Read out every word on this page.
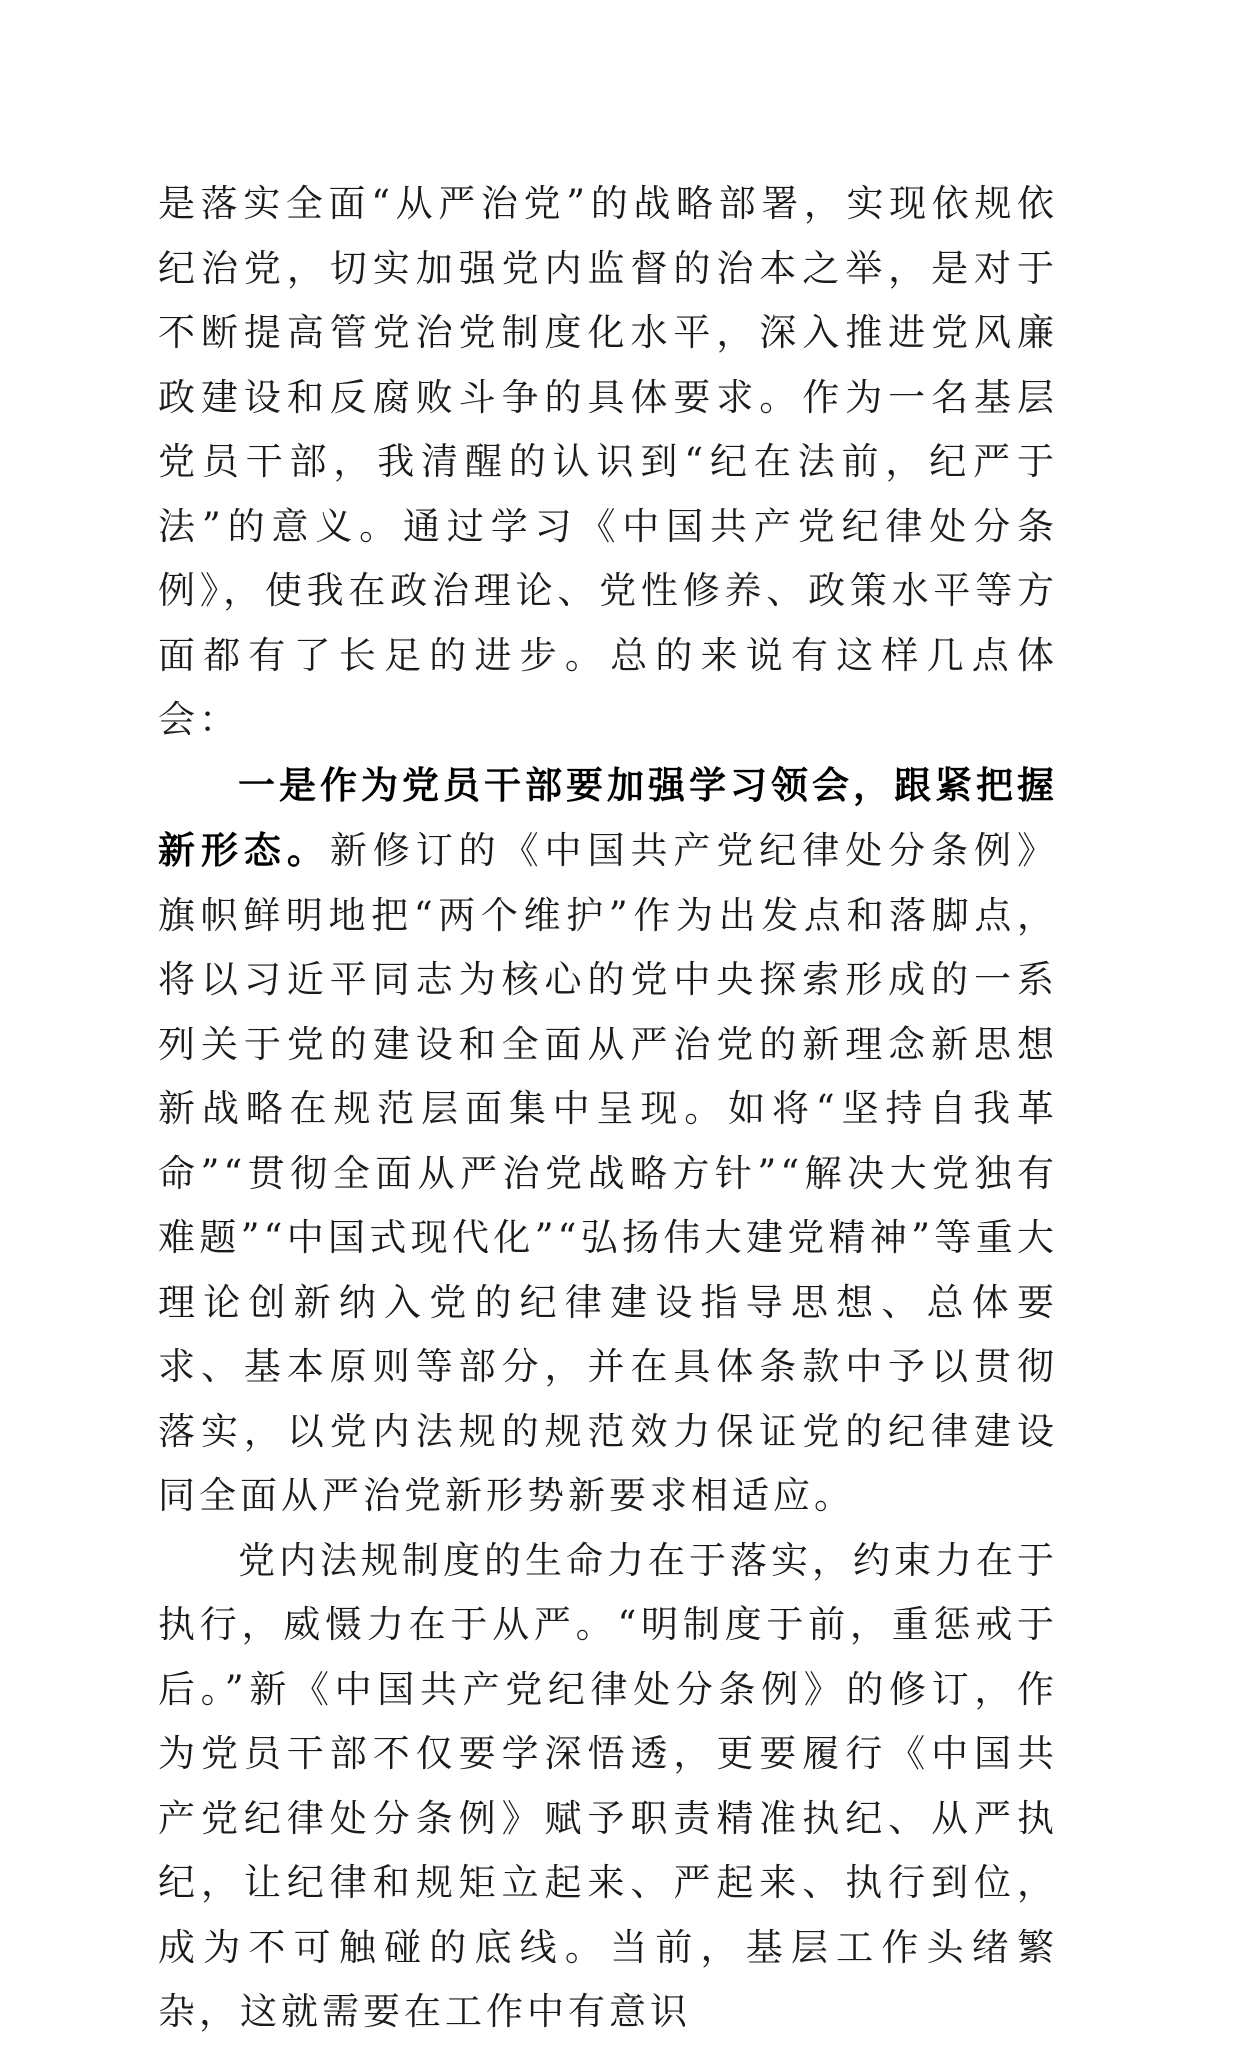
是落实全面“从严治党”的战略部署，实现依规依纪治党，切实加强党内监督的治本之举，是对于不断提高管党治党制度化水平，深入推进党风廉政建设和反腐败斗争的具体要求。作为一名基层党员干部，我清醒的认识到“纪在法前，纪严于法”的意义。通过学习《中国共产党纪律处分条例》，使我在政治理论、党性修养、政策水平等方面都有了长足的进步。总的来说有这样几点体会：

一是作为党员干部要加强学习领会，跟紧把握新形态。新修订的《中国共产党纪律处分条例》旗帜鲜明地把“两个维护”作为出发点和落脚点，将以习近平同志为核心的党中央探索形成的一系列关于党的建设和全面从严治党的新理念新思想新战略在规范层面集中呈现。如将“坚持自我革命”“贯彻全面从严治党战略方针”“解决大党独有难题”“中国式现代化”“弘扬伟大建党精神”等重大理论创新纳入党的纪律建设指导思想、总体要求、基本原则等部分，并在具体条款中予以贯彻落实，以党内法规的规范效力保证党的纪律建设同全面从严治党新形势新要求相适应。

党内法规制度的生命力在于落实，约束力在于执行，威慑力在于从严。“明制度于前，重惩戒于后。”新《中国共产党纪律处分条例》的修订，作为党员干部不仅要学深悟透，更要履行《中国共产党纪律处分条例》赋予职责精准执纪、从严执纪，让纪律和规矩立起来、严起来、执行到位，成为不可触碰的底线。当前，基层工作头绪繁杂，这就需要在工作中有意识
